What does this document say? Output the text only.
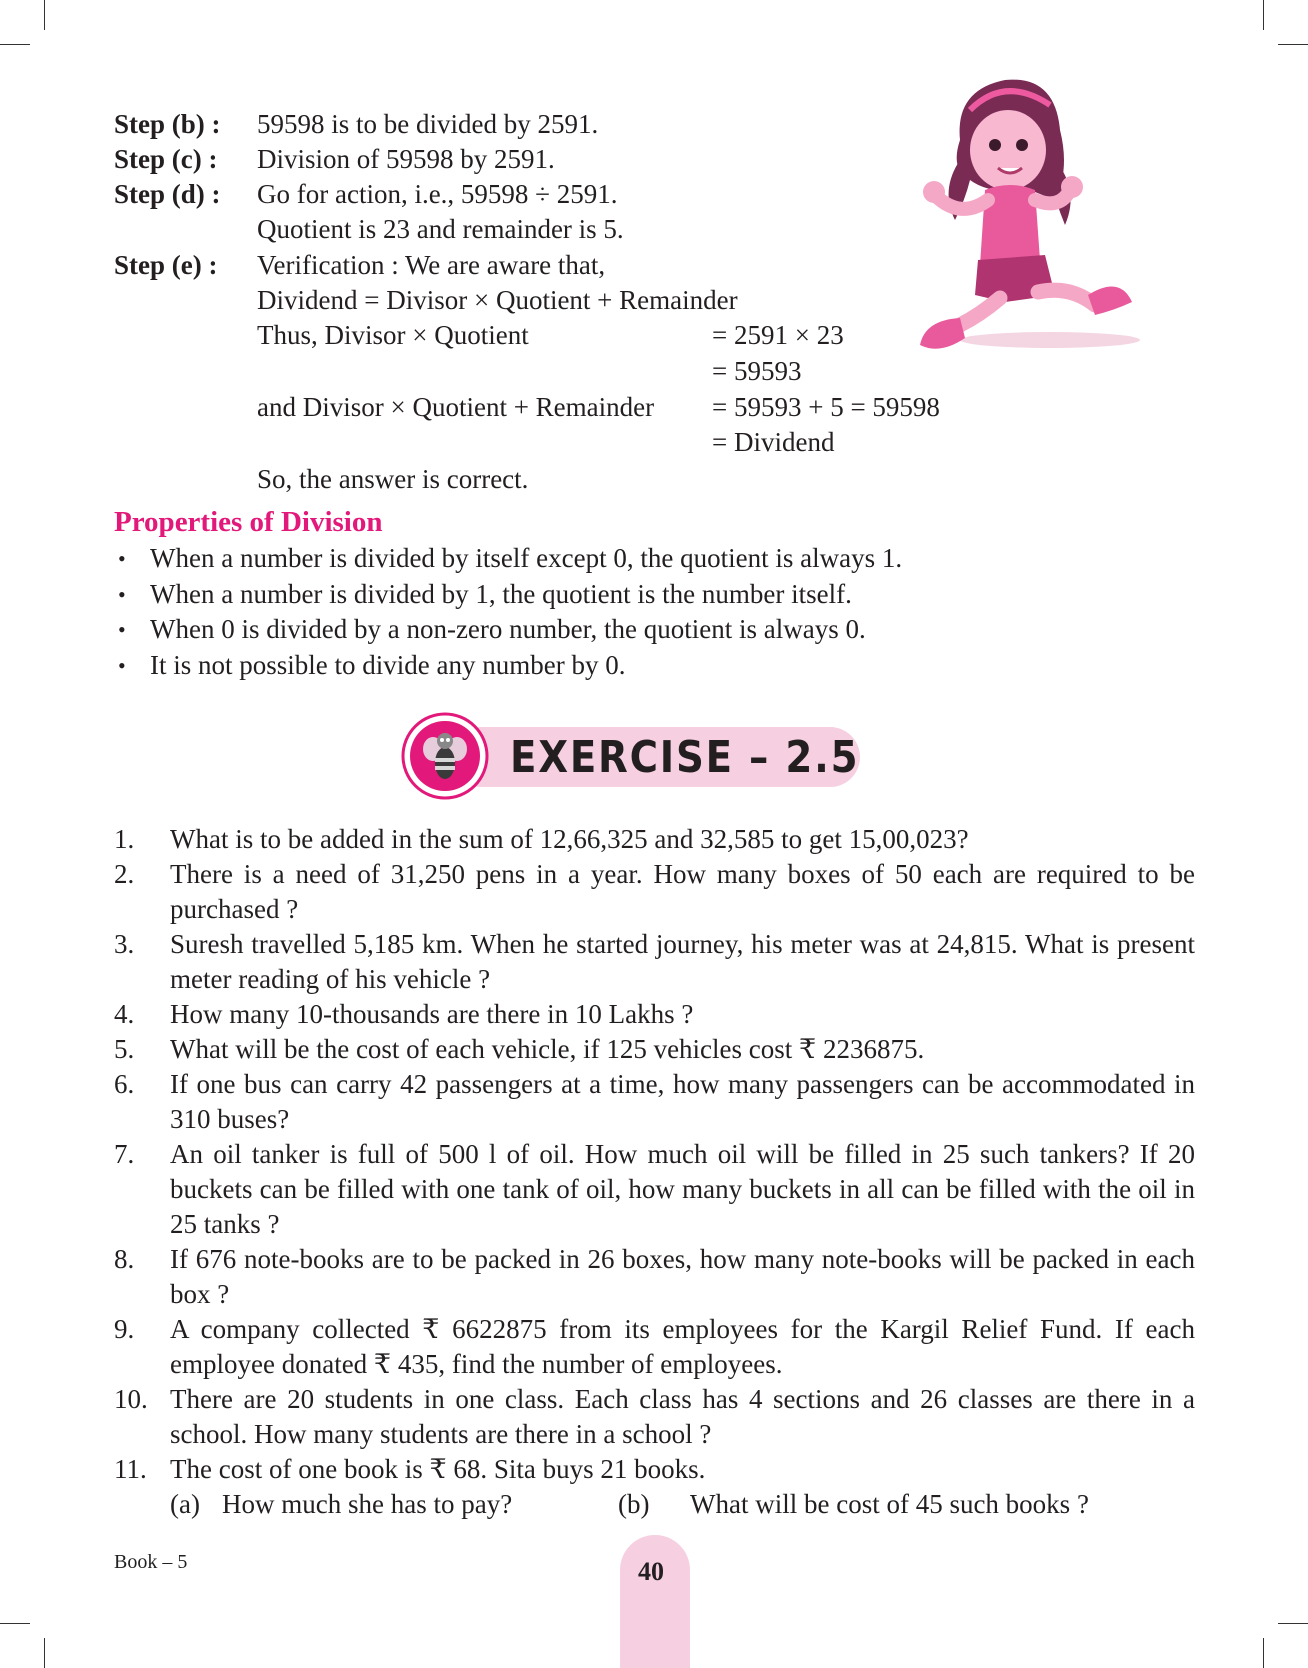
Step (b) : 59598 is to be divided by 2591.
Step (c) : Division of 59598 by 2591.
Step (d) : Go for action, i.e., 59598 ÷ 2591.
Quotient is 23 and remainder is 5.
Step (e) : Verification : We are aware that,
Dividend = Divisor × Quotient + Remainder
Thus, Divisor × Quotient	= 2591 × 23
= 59593
and Divisor × Quotient + Remainder = 59593 + 5 = 59598
= Dividend
So, the answer is correct.
Properties of Division
• When a number is divided by itself except 0, the quotient is always 1.
• When a number is divided by 1, the quotient is the number itself.
• When 0 is divided by a non-zero number, the quotient is always 0.
• It is not possible to divide any number by 0.
EXERCISE – 2.5
1.	What is to be added in the sum of 12,66,325 and 32,585 to get 15,00,023?
2.	There is a need of 31,250 pens in a year. How many boxes of 50 each are required to be purchased ?
3.	Suresh travelled 5,185 km. When he started journey, his meter was at 24,815. What is present meter reading of his vehicle ?
4.	How many 10-thousands are there in 10 Lakhs ?
5.	What will be the cost of each vehicle, if 125 vehicles cost ₹ 2236875.
6.	If one bus can carry 42 passengers at a time, how many passengers can be accommodated in 310 buses?
7.	An oil tanker is full of 500 l of oil. How much oil will be filled in 25 such tankers? If 20 buckets can be filled with one tank of oil, how many buckets in all can be filled with the oil in 25 tanks ?
8.	If 676 note-books are to be packed in 26 boxes, how many note-books will be packed in each box ?
9.	A company collected ₹ 6622875 from its employees for the Kargil Relief Fund. If each employee donated ₹ 435, find the number of employees.
10. There are 20 students in one class. Each class has 4 sections and 26 classes are there in a school. How many students are there in a school ?
11. The cost of one book is ₹ 68. Sita buys 21 books.
(a) How much she has to pay?	(b) What will be cost of 45 such books ?
Book – 5	40
